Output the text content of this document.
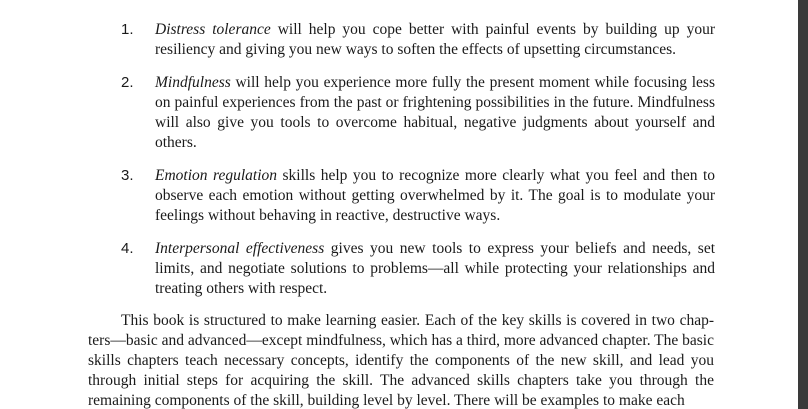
1.	Distress tolerance will help you cope better with painful events by building up your resiliency and giving you new ways to soften the effects of upsetting circumstances.
2.	Mindfulness will help you experience more fully the present moment while focusing less on painful experiences from the past or frightening possibilities in the future. Mindfulness will also give you tools to overcome habitual, negative judgments about yourself and others.
3.	Emotion regulation skills help you to recognize more clearly what you feel and then to observe each emotion without getting overwhelmed by it. The goal is to modulate your feelings without behaving in reactive, destructive ways.
4.	Interpersonal effectiveness gives you new tools to express your beliefs and needs, set limits, and negotiate solutions to problems—all while protecting your relationships and treating others with respect.

This book is structured to make learning easier. Each of the key skills is covered in two chap-ters—basic and advanced—except mindfulness, which has a third, more advanced chapter. The basic skills chapters teach necessary concepts, identify the components of the new skill, and lead you through initial steps for acquiring the skill. The advanced skills chapters take you through the remaining components of the skill, building level by level. There will be examples to make each
